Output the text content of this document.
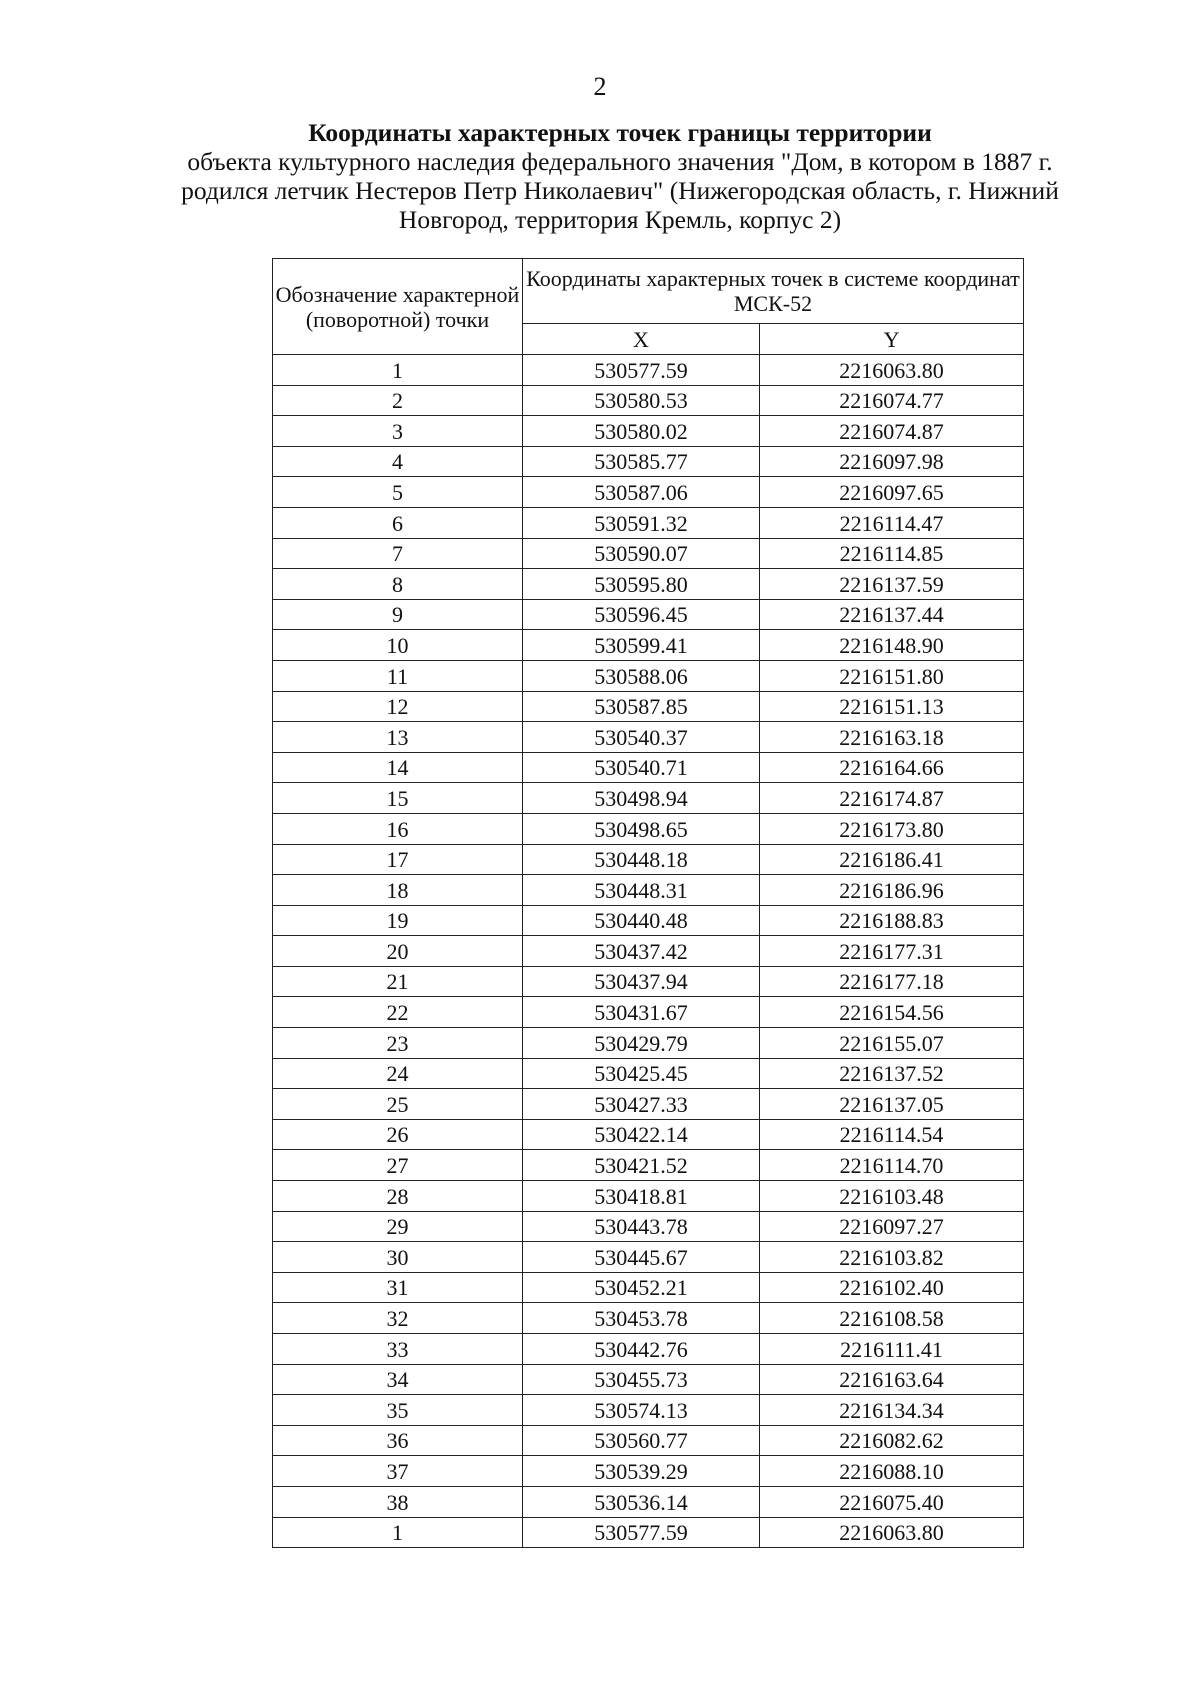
2
Координаты характерных точек границы территории
объекта культурного наследия федерального значения "Дом, в котором в 1887 г. родился летчик Нестеров Петр Николаевич" (Нижегородская область, г. Нижний Новгород, территория Кремль, корпус 2)
Обозначение характерной (поворотной) точки	Координаты характерных точек в системе координат МСК-52	
	X	Y
1	530577.59	2216063.80
2	530580.53	2216074.77
3	530580.02	2216074.87
4	530585.77	2216097.98
5	530587.06	2216097.65
6	530591.32	2216114.47
7	530590.07	2216114.85
8	530595.80	2216137.59
9	530596.45	2216137.44
10	530599.41	2216148.90
11	530588.06	2216151.80
12	530587.85	2216151.13
13	530540.37	2216163.18
14	530540.71	2216164.66
15	530498.94	2216174.87
16	530498.65	2216173.80
17	530448.18	2216186.41
18	530448.31	2216186.96
19	530440.48	2216188.83
20	530437.42	2216177.31
21	530437.94	2216177.18
22	530431.67	2216154.56
23	530429.79	2216155.07
24	530425.45	2216137.52
25	530427.33	2216137.05
26	530422.14	2216114.54
27	530421.52	2216114.70
28	530418.81	2216103.48
29	530443.78	2216097.27
30	530445.67	2216103.82
31	530452.21	2216102.40
32	530453.78	2216108.58
33	530442.76	2216111.41
34	530455.73	2216163.64
35	530574.13	2216134.34
36	530560.77	2216082.62
37	530539.29	2216088.10
38	530536.14	2216075.40
1	530577.59	2216063.80
